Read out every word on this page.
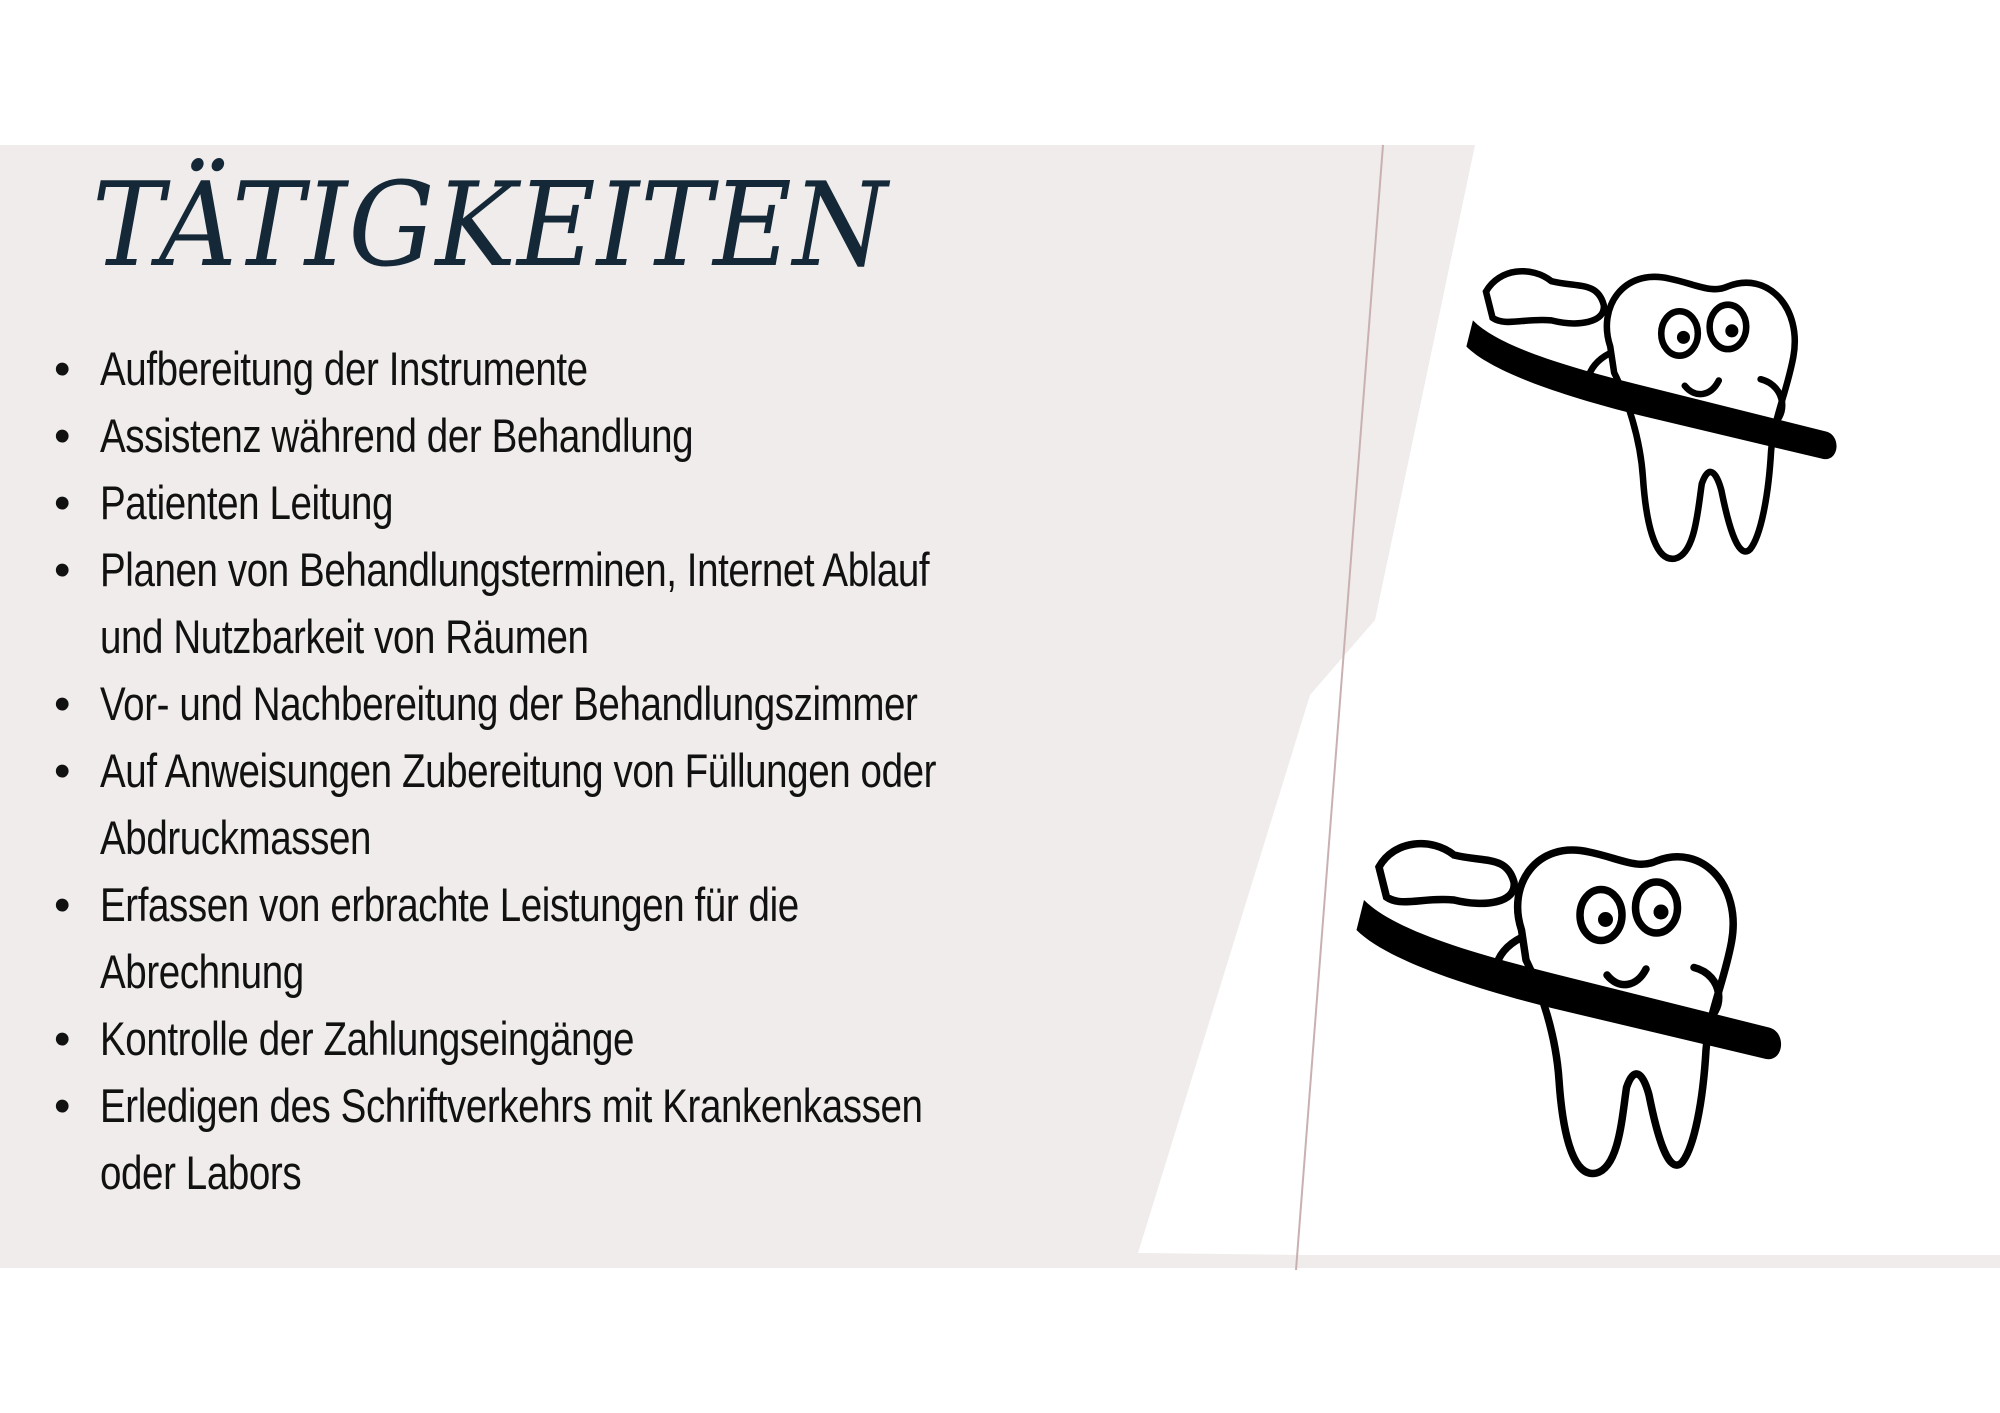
TÄTIGKEITEN
• Aufbereitung der Instrumente
• Assistenz während der Behandlung
• Patienten Leitung
• Planen von Behandlungsterminen, Internet Ablauf
und Nutzbarkeit von Räumen
• Vor- und Nachbereitung der Behandlungszimmer
• Auf Anweisungen Zubereitung von Füllungen oder
Abdruckmassen
• Erfassen von erbrachte Leistungen für die
Abrechnung
• Kontrolle der Zahlungseingänge
• Erledigen des Schriftverkehrs mit Krankenkassen
oder Labors
